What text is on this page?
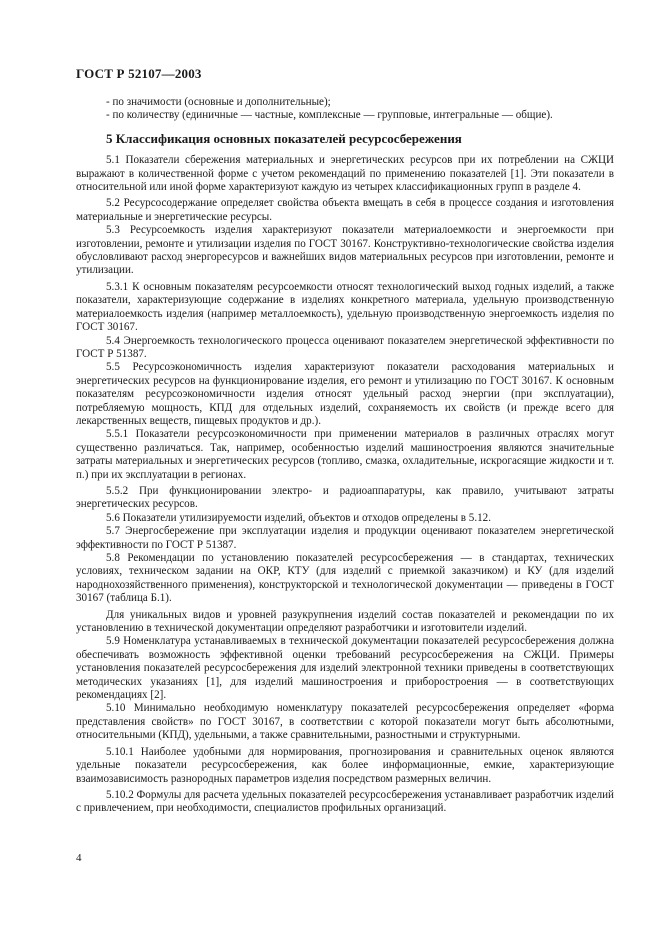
ГОСТ Р 52107—2003

- по значимости (основные и дополнительные);

- по количеству (единичные — частные, комплексные — групповые, интегральные — общие).

5 Классификация основных показателей ресурсосбережения

5.1 Показатели сбережения материальных и энергетических ресурсов при их потреблении на СЖЦИ выражают в количественной форме с учетом рекомендаций по применению показателей [1]. Эти показатели в относительной или иной форме характеризуют каждую из четырех классификационных групп в разделе 4.

5.2 Ресурсосодержание определяет свойства объекта вмещать в себя в процессе создания и изготовления материальные и энергетические ресурсы.

5.3 Ресурсоемкость изделия характеризуют показатели материалоемкости и энергоемкости при изготовлении, ремонте и утилизации изделия по ГОСТ 30167. Конструктивно-технологические свойства изделия обусловливают расход энергоресурсов и важнейших видов материальных ресурсов при изготовлении, ремонте и утилизации.

5.3.1 К основным показателям ресурсоемкости относят технологический выход годных изделий, а также показатели, характеризующие содержание в изделиях конкретного материала, удельную производственную материалоемкость изделия (например металлоемкость), удельную производственную энергоемкость изделия по ГОСТ 30167.

5.4 Энергоемкость технологического процесса оценивают показателем энергетической эффективности по ГОСТ Р 51387.

5.5 Ресурсоэкономичность изделия характеризуют показатели расходования материальных и энергетических ресурсов на функционирование изделия, его ремонт и утилизацию по ГОСТ 30167. К основным показателям ресурсоэкономичности изделия относят удельный расход энергии (при эксплуатации), потребляемую мощность, КПД для отдельных изделий, сохраняемость их свойств (и прежде всего для лекарственных веществ, пищевых продуктов и др.).

5.5.1 Показатели ресурсоэкономичности при применении материалов в различных отраслях могут существенно различаться. Так, например, особенностью изделий машиностроения являются значительные затраты материальных и энергетических ресурсов (топливо, смазка, охладительные, искрогасящие жидкости и т. п.) при их эксплуатации в регионах.

5.5.2 При функционировании электро- и радиоаппаратуры, как правило, учитывают затраты энергетических ресурсов.

5.6 Показатели утилизируемости изделий, объектов и отходов определены в 5.12.

5.7 Энергосбережение при эксплуатации изделия и продукции оценивают показателем энергетической эффективности по ГОСТ Р 51387.

5.8 Рекомендации по установлению показателей ресурсосбережения — в стандартах, технических условиях, техническом задании на ОКР, КТУ (для изделий с приемкой заказчиком) и КУ (для изделий народнохозяйственного применения), конструкторской и технологической документации — приведены в ГОСТ 30167 (таблица Б.1).

Для уникальных видов и уровней разукрупнения изделий состав показателей и рекомендации по их установлению в технической документации определяют разработчики и изготовители изделий.

5.9 Номенклатура устанавливаемых в технической документации показателей ресурсосбережения должна обеспечивать возможность эффективной оценки требований ресурсосбережения на СЖЦИ. Примеры установления показателей ресурсосбережения для изделий электронной техники приведены в соответствующих методических указаниях [1], для изделий машиностроения и приборостроения — в соответствующих рекомендациях [2].

5.10 Минимально необходимую номенклатуру показателей ресурсосбережения определяет «форма представления свойств» по ГОСТ 30167, в соответствии с которой показатели могут быть абсолютными, относительными (КПД), удельными, а также сравнительными, разностными и структурными.

5.10.1 Наиболее удобными для нормирования, прогнозирования и сравнительных оценок являются удельные показатели ресурсосбережения, как более информационные, емкие, характеризующие взаимозависимость разнородных параметров изделия посредством размерных величин.

5.10.2 Формулы для расчета удельных показателей ресурсосбережения устанавливает разработчик изделий с привлечением, при необходимости, специалистов профильных организаций.

4
